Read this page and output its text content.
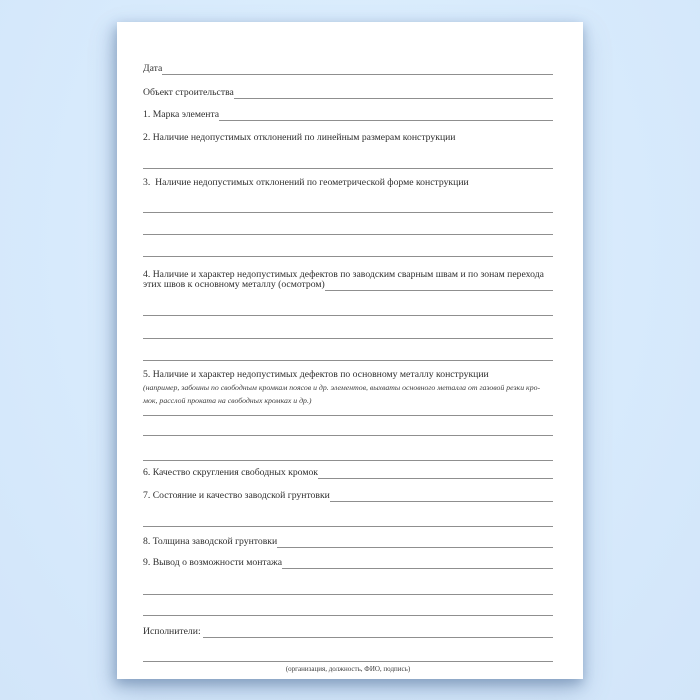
Дата
Объект строительства
1. Марка элемента
2. Наличие недопустимых отклонений по линейным размерам конструкции
3.  Наличие недопустимых отклонений по геометрической форме конструкции
4. Наличие и характер недопустимых дефектов по заводским сварным швам и по зонам перехода
этих швов к основному металлу (осмотром)
5. Наличие и характер недопустимых дефектов по основному металлу конструкции
(например, забоины по свободным кромкам поясов и др. элементов, выхваты основного металла от газовой резки кро-
мок, расслой проката на свободных кромках и др.)
6. Качество скругления свободных кромок
7. Состояние и качество заводской грунтовки
8. Толщина заводской грунтовки
9. Вывод о возможности монтажа
Исполнители:
(организация, должность, ФИО, подпись)
